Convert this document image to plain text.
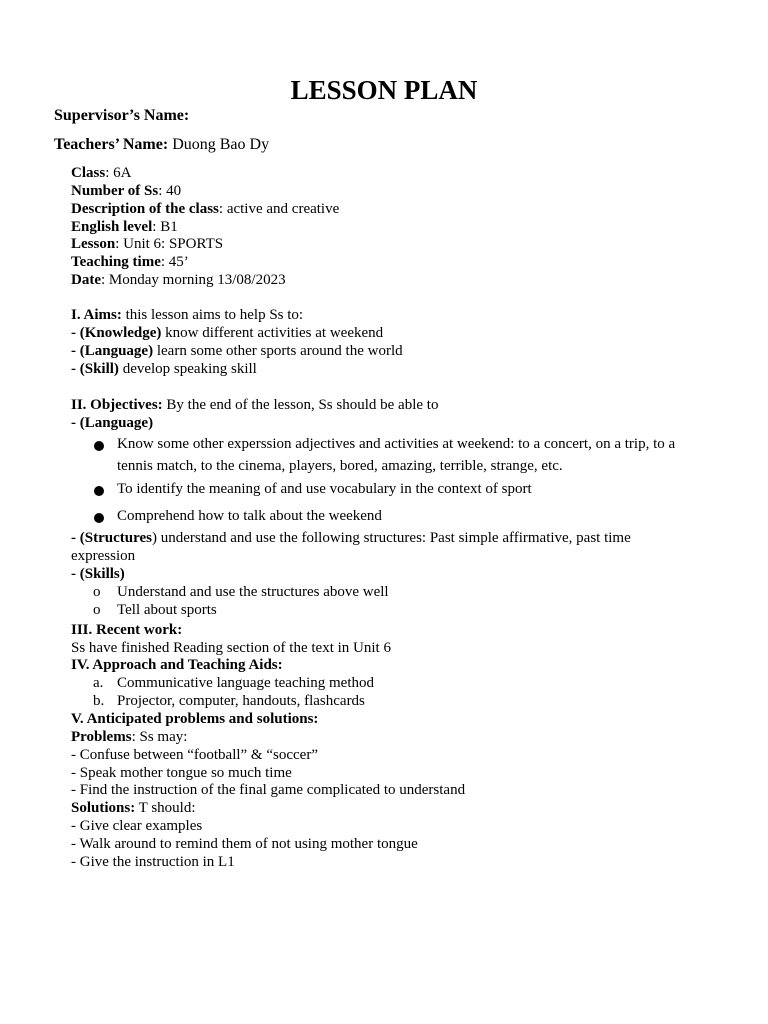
LESSON PLAN
Supervisor’s Name:
Teachers’ Name: Duong Bao Dy
Class: 6A
Number of Ss: 40
Description of the class: active and creative
English level: B1
Lesson: Unit 6: SPORTS
Teaching time: 45’
Date: Monday morning 13/08/2023
I. Aims: this lesson aims to help Ss to:
- (Knowledge) know different activities at weekend
- (Language) learn some other sports around the world
- (Skill) develop speaking skill
II. Objectives: By the end of the lesson, Ss should be able to
- (Language)
Know some other experssion adjectives and activities at weekend: to a concert, on a trip, to a tennis match, to the cinema, players, bored, amazing, terrible, strange, etc.
To identify the meaning of and use vocabulary in the context of sport
Comprehend how to talk about the weekend
- (Structures) understand and use the following structures: Past simple affirmative, past time expression
- (Skills)
o Understand and use the structures above well
o Tell about sports
III. Recent work:
Ss have finished Reading section of the text in Unit 6
IV. Approach and Teaching Aids:
a. Communicative language teaching method
b. Projector, computer, handouts, flashcards
V. Anticipated problems and solutions:
Problems: Ss may:
- Confuse between “football” & “soccer”
- Speak mother tongue so much time
- Find the instruction of the final game complicated to understand
Solutions: T should:
- Give clear examples
- Walk around to remind them of not using mother tongue
- Give the instruction in L1
